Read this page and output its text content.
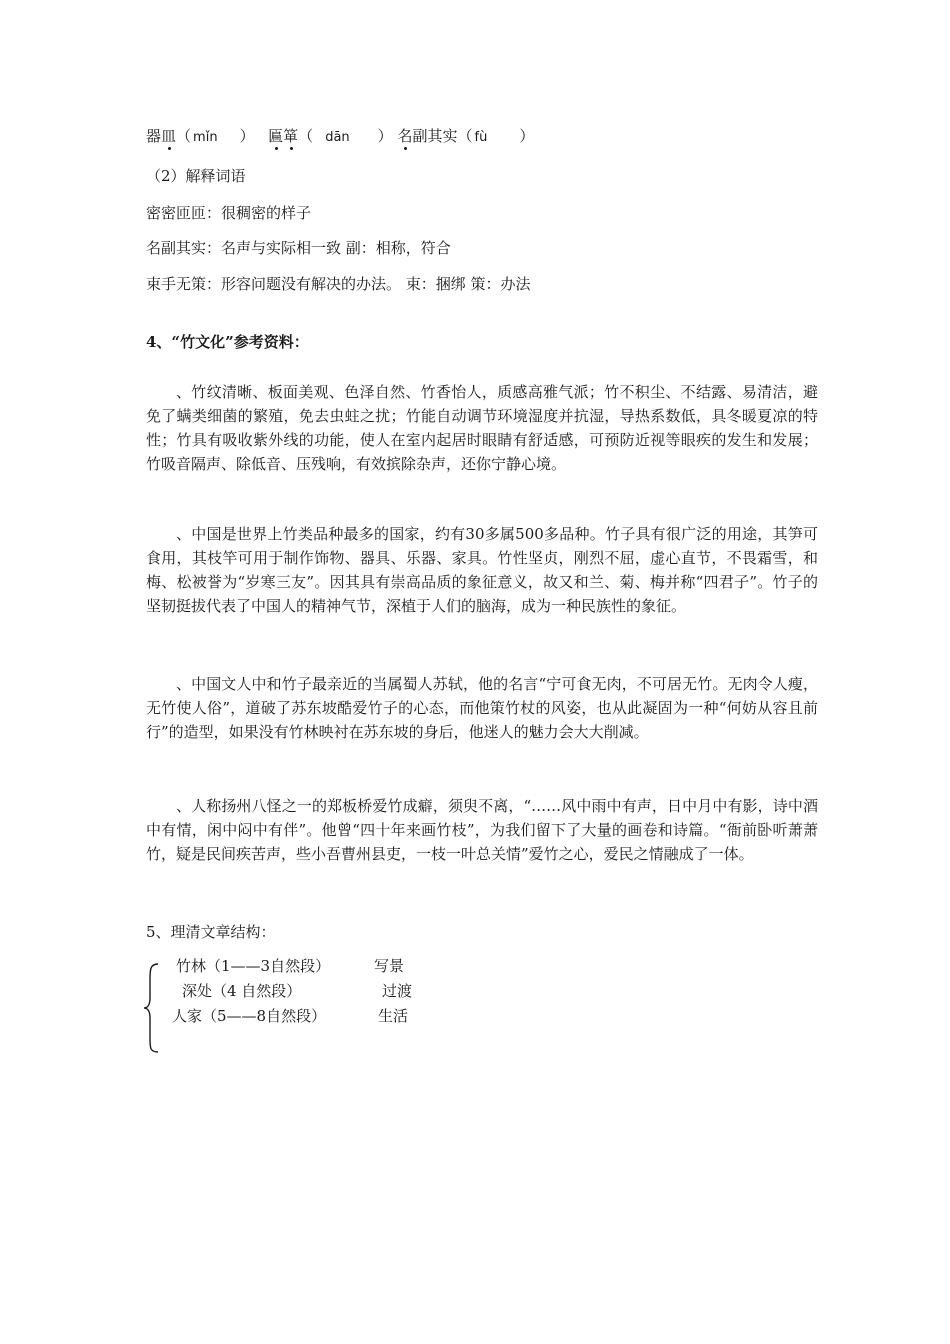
器皿（ mǐn ） 匾箪（ dān ） 名副其实（ fù ）
（2）解释词语
密密匝匝：很稠密的样子
名副其实：名声与实际相一致 副：相称，符合
束手无策：形容问题没有解决的办法。 束：捆绑 策：办法
4、“竹文化”参考资料：
、竹纹清晰、板面美观、色泽自然、竹香怡人，质感高雅气派；竹不积尘、不结露、易清洁，避免了螨类细菌的繁殖，免去虫蛀之扰；竹能自动调节环境湿度并抗湿，导热系数低，具冬暖夏凉的特性；竹具有吸收紫外线的功能，使人在室内起居时眼睛有舒适感，可预防近视等眼疾的发生和发展；竹吸音隔声、除低音、压残响，有效摈除杂声，还你宁静心境。
、中国是世界上竹类品种最多的国家，约有30多属500多品种。竹子具有很广泛的用途，其笋可食用，其枝竿可用于制作饰物、器具、乐器、家具。竹性坚贞，刚烈不屈，虚心直节，不畏霜雪，和梅、松被誉为“岁寒三友”。因其具有崇高品质的象征意义，故又和兰、菊、梅并称“四君子”。竹子的坚韧挺拔代表了中国人的精神气节，深植于人们的脑海，成为一种民族性的象征。
、中国文人中和竹子最亲近的当属蜀人苏轼，他的名言“宁可食无肉，不可居无竹。无肉令人瘦，无竹使人俗”，道破了苏东坡酷爱竹子的心态，而他策竹杖的风姿，也从此凝固为一种“何妨从容且前行”的造型，如果没有竹林映衬在苏东坡的身后，他迷人的魅力会大大削减。
、人称扬州八怪之一的郑板桥爱竹成癖，须臾不离，“……风中雨中有声，日中月中有影，诗中酒中有情，闲中闷中有伴”。他曾“四十年来画竹枝”，为我们留下了大量的画卷和诗篇。“衙前卧听萧萧竹，疑是民间疾苦声，些小吾曹州县吏，一枝一叶总关情”爱竹之心，爱民之情融成了一体。
5、理清文章结构：
竹林（1——3自然段）	写景
深处（4 自然段）	过渡
人家（5——8自然段）	生活
